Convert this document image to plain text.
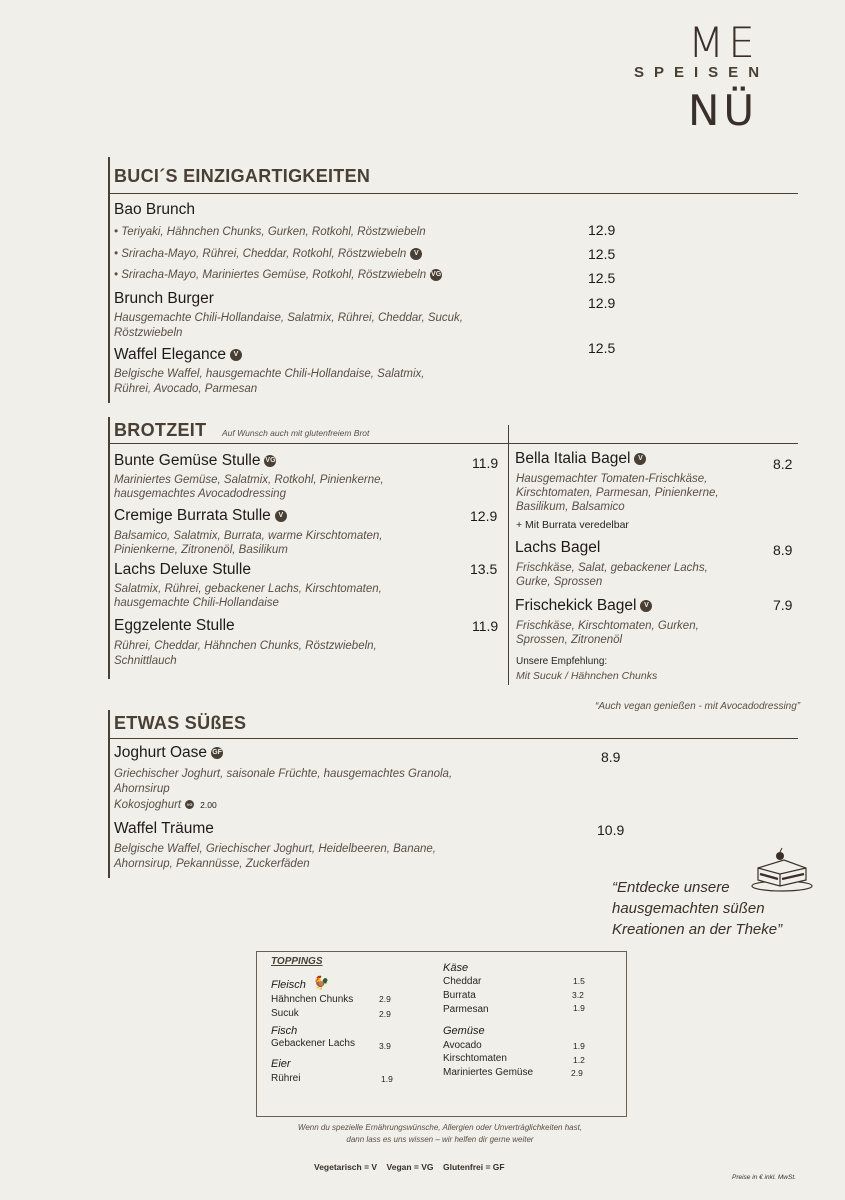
ME
SPEISEN
NÜ
BUCI´S EINZIGARTIGKEITEN
Bao Brunch
• Teriyaki, Hähnchen Chunks, Gurken, Rotkohl, Röstzwiebeln	12.9
• Sriracha-Mayo, Rührei, Cheddar, Rotkohl, Röstzwiebeln V	12.5
• Sriracha-Mayo, Mariniertes Gemüse, Rotkohl, Röstzwiebeln VG	12.5
Brunch Burger	12.9
Hausgemachte Chili-Hollandaise, Salatmix, Rührei, Cheddar, Sucuk,
Röstzwiebeln
Waffel Elegance V	12.5
Belgische Waffel, hausgemachte Chili-Hollandaise, Salatmix,
Rührei, Avocado, Parmesan
BROTZEIT Auf Wunsch auch mit glutenfreiem Brot
Bunte Gemüse Stulle VG	11.9
Mariniertes Gemüse, Salatmix, Rotkohl, Pinienkerne,
hausgemachtes Avocadodressing
Cremige Burrata Stulle V	12.9
Balsamico, Salatmix, Burrata, warme Kirschtomaten,
Pinienkerne, Zitronenöl, Basilikum
Lachs Deluxe Stulle	13.5
Salatmix, Rührei, gebackener Lachs, Kirschtomaten,
hausgemachte Chili-Hollandaise
Eggzelente Stulle	11.9
Rührei, Cheddar, Hähnchen Chunks, Röstzwiebeln,
Schnittlauch
Bella Italia Bagel V	8.2
Hausgemachter Tomaten-Frischkäse,
Kirschtomaten, Parmesan, Pinienkerne,
Basilikum, Balsamico
+ Mit Burrata veredelbar
Lachs Bagel	8.9
Frischkäse, Salat, gebackener Lachs,
Gurke, Sprossen
Frischekick Bagel V	7.9
Frischkäse, Kirschtomaten, Gurken,
Sprossen, Zitronenöl
Unsere Empfehlung:
Mit Sucuk / Hähnchen Chunks
“Auch vegan genießen - mit Avocadodressing”
ETWAS SÜßES
Joghurt Oase GF	8.9
Griechischer Joghurt, saisonale Früchte, hausgemachtes Granola,
Ahornsirup
Kokosjoghurt VG 2.00
Waffel Träume	10.9
Belgische Waffel, Griechischer Joghurt, Heidelbeeren, Banane,
Ahornsirup, Pekannüsse, Zuckerfäden
“Entdecke unsere
hausgemachten süßen
Kreationen an der Theke”
TOPPINGS
Fleisch 🐓
Hähnchen Chunks	2.9
Sucuk	2.9
Fisch
Gebackener Lachs	3.9
Eier
Rührei	1.9
Käse
Cheddar	1.5
Burrata	3.2
Parmesan	1.9
Gemüse
Avocado	1.9
Kirschtomaten	1.2
Mariniertes Gemüse	2.9
Wenn du spezielle Ernährungswünsche, Allergien oder Unverträglichkeiten hast,
dann lass es uns wissen – wir helfen dir gerne weiter
Vegetarisch = V    Vegan = VG    Glutenfrei = GF
Preise in € inkl. MwSt.
